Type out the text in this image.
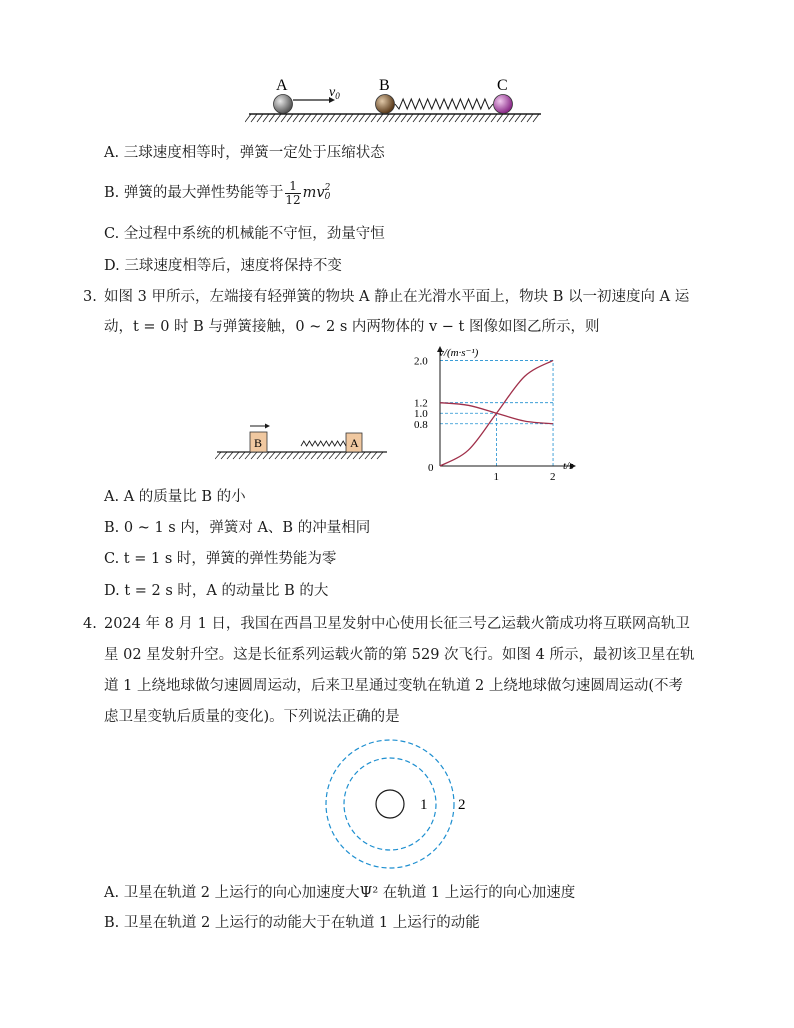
A	B	C
$v_0$
A. 三球速度相等时，弹簧一定处于压缩状态
B. 弹簧的最大弹性势能等于 $\frac{1}{12} mv2$
0
C. 全过程中系统的机械能不守恒，劲量守恒
D. 三球速度相等后，速度将保持不变
3. 如图 3 甲所示，左端接有轻弹簧的物块 A 静止在光滑水平面上，物块 B 以一初速度向 A 运
动，t = 0 时 B 与弹簧接触，0 ~ 2 s 内两物体的 v − t 图像如图乙所示，则
B	A
v/(m·s⁻¹)
t/s
0
2.0
1.2
1.0
0.8
1	2
A. A 的质量比 B 的小
B. 0 ~ 1 s 内，弹簧对 A、B 的冲量相同
C. t = 1 s 时，弹簧的弹性势能为零
D. t = 2 s 时，A 的动量比 B 的大
4. 2024 年 8 月 1 日，我国在西昌卫星发射中心使用长征三号乙运载火箭成功将互联网高轨卫
星 02 星发射升空。这是长征系列运载火箭的第 529 次飞行。如图 4 所示，最初该卫星在轨
道 1 上绕地球做匀速圆周运动，后来卫星通过变轨在轨道 2 上绕地球做匀速圆周运动(不考
虑卫星变轨后质量的变化)。下列说法正确的是
1 2
A. 卫星在轨道 2 上运行的向心加速度大Ψ² 在轨道 1 上运行的向心加速度
B. 卫星在轨道 2 上运行的动能大于在轨道 1 上运行的动能
